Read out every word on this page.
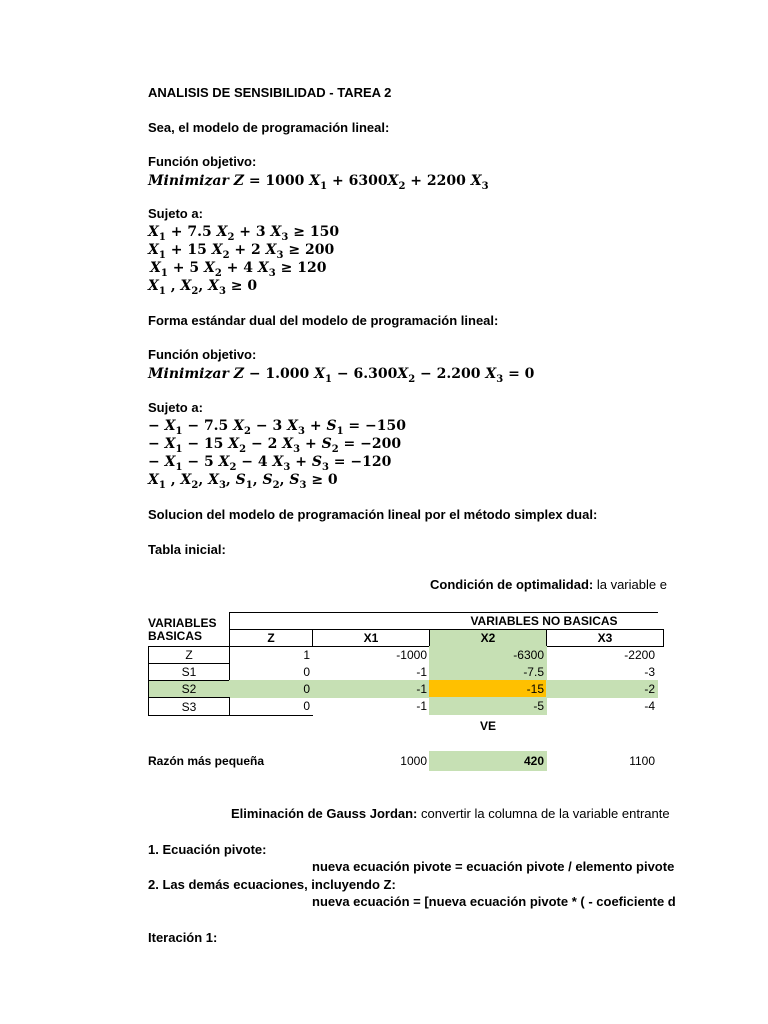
ANALISIS DE SENSIBILIDAD - TAREA 2
Sea, el modelo de programación lineal:
Función objetivo:
Minimizar Z = 1000 $X_1 + 6300X_2 + 2200$ $X_3$
Sujeto a:
$X_1 + 7.5$ $X_2 + 3$ $X_3 \ge 150$
$X_1 + 15$ $X_2 + 2$ $X_3 \ge 200$
$X_1 + 5$ $X_2 + 4$ $X_3 \ge 120$
$X_1$ , $X_2$, $X_3 \ge 0$
Forma estándar dual del modelo de programación lineal:
Función objetivo:
Minimizar Z − 1.000 $X_1 - 6.300X_2 - 2.200$ $X_3 = 0$
Sujeto a:
− $X_1 - 7.5$ $X_2 - 3$ $X_3 + S_1 = -150$
− $X_1 - 15$ $X_2 - 2$ $X_3 + S_2 = -200$
− $X_1 - 5$ $X_2 - 4$ $X_3 + S_3 = -120$
$X_1$ , $X_2$, $X_3$, $S_1$, $S_2$, $S_3 \ge 0$
Solucion del modelo de programación lineal por el método simplex dual:
Tabla inicial:
Condición de optimalidad: la variable e
VARIABLES BASICAS
VARIABLES NO BASICAS
Z	X1	X2	X3
Z	1	-1000	-6300	-2200
S1	0	-1	-7.5	-3
S2	0	-1	-15	-2
S3	0	-1	-5	-4
VE
Razón más pequeña	1000	420	1100
Eliminación de Gauss Jordan: convertir la columna de la variable entrante
1. Ecuación pivote:
nueva ecuación pivote = ecuación pivote / elemento pivote
2. Las demás ecuaciones, incluyendo Z:
nueva ecuación = [nueva ecuación pivote * ( - coeficiente d
Iteración 1:
